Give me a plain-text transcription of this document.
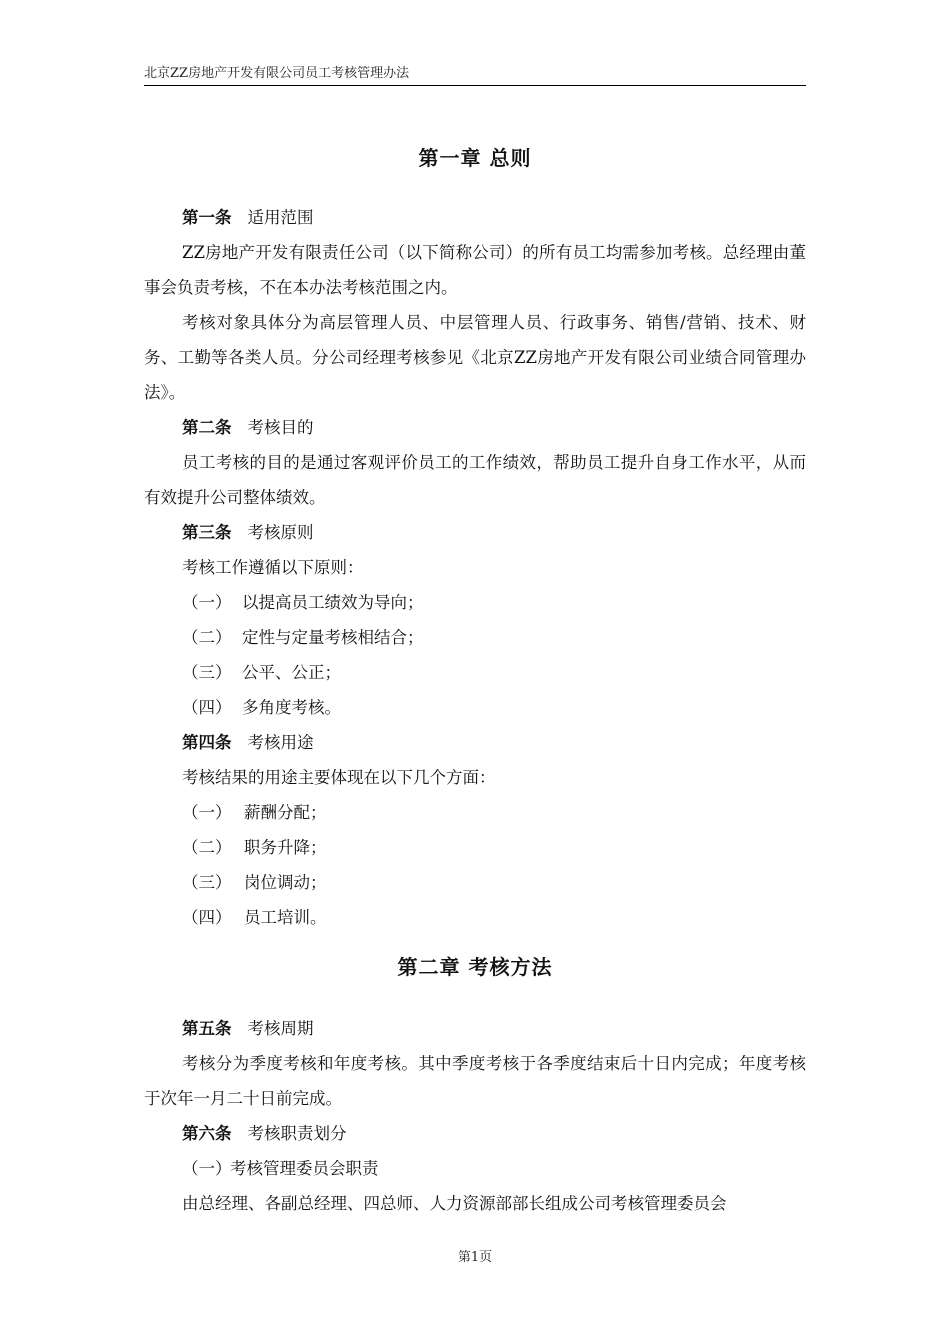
北京ZZ房地产开发有限公司员工考核管理办法
第一章 总则

第一条 适用范围

ZZ房地产开发有限责任公司（以下简称公司）的所有员工均需参加考核。总经理由董事会负责考核，不在本办法考核范围之内。

考核对象具体分为高层管理人员、中层管理人员、行政事务、销售/营销、技术、财务、工勤等各类人员。分公司经理考核参见《北京ZZ房地产开发有限公司业绩合同管理办法》。

第二条 考核目的

员工考核的目的是通过客观评价员工的工作绩效，帮助员工提升自身工作水平，从而有效提升公司整体绩效。

第三条 考核原则

考核工作遵循以下原则：

（一） 以提高员工绩效为导向；

（二） 定性与定量考核相结合；

（三） 公平、公正；

（四） 多角度考核。

第四条 考核用途

考核结果的用途主要体现在以下几个方面：

（一） 薪酬分配；

（二） 职务升降；

（三） 岗位调动；

（四） 员工培训。

第二章 考核方法

第五条 考核周期

考核分为季度考核和年度考核。其中季度考核于各季度结束后十日内完成；年度考核于次年一月二十日前完成。

第六条 考核职责划分

（一）考核管理委员会职责

由总经理、各副总经理、四总师、人力资源部部长组成公司考核管理委员会

第1页
